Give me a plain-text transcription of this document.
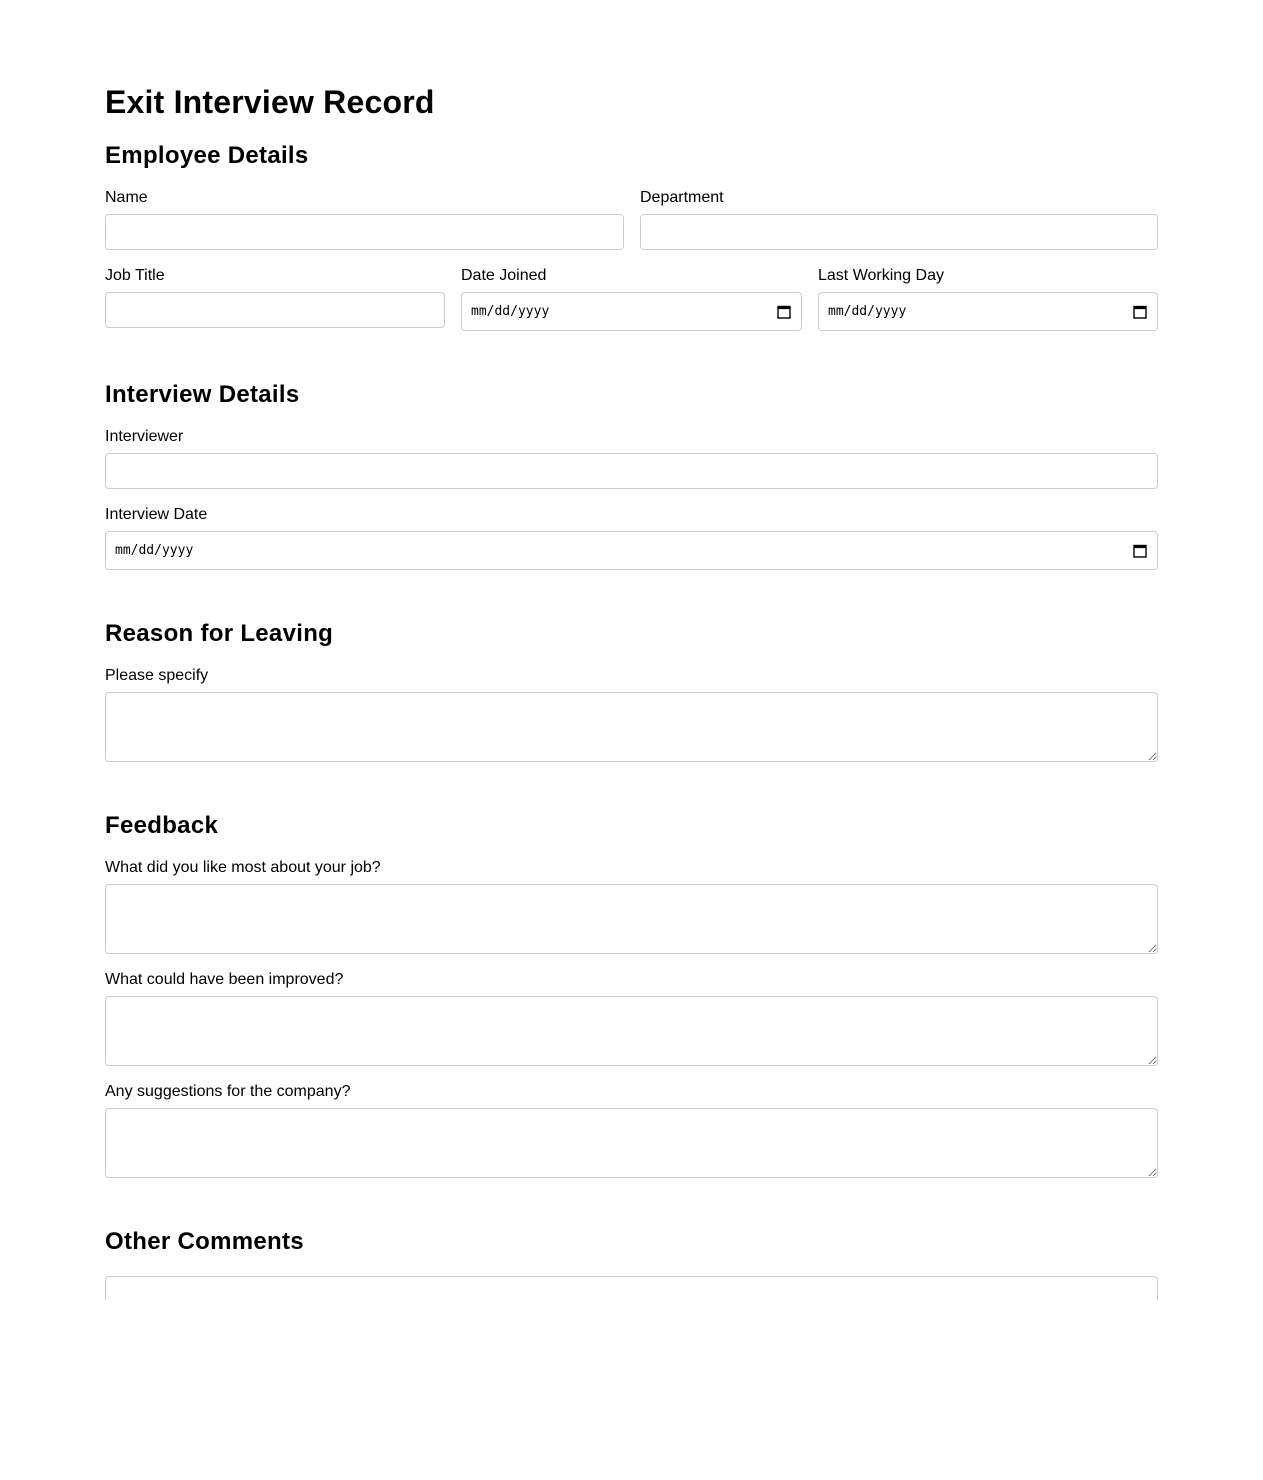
Exit Interview Record
Employee Details
Name	Department
Job Title	Date Joined
mm/dd/yyyy
Last Working Day
mm/dd/yyyy
Interview Details
Interviewer
Interview Date
mm/dd/yyyy
Reason for Leaving
Please specify
Feedback
What did you like most about your job?
What could have been improved?
Any suggestions for the company?
Other Comments
